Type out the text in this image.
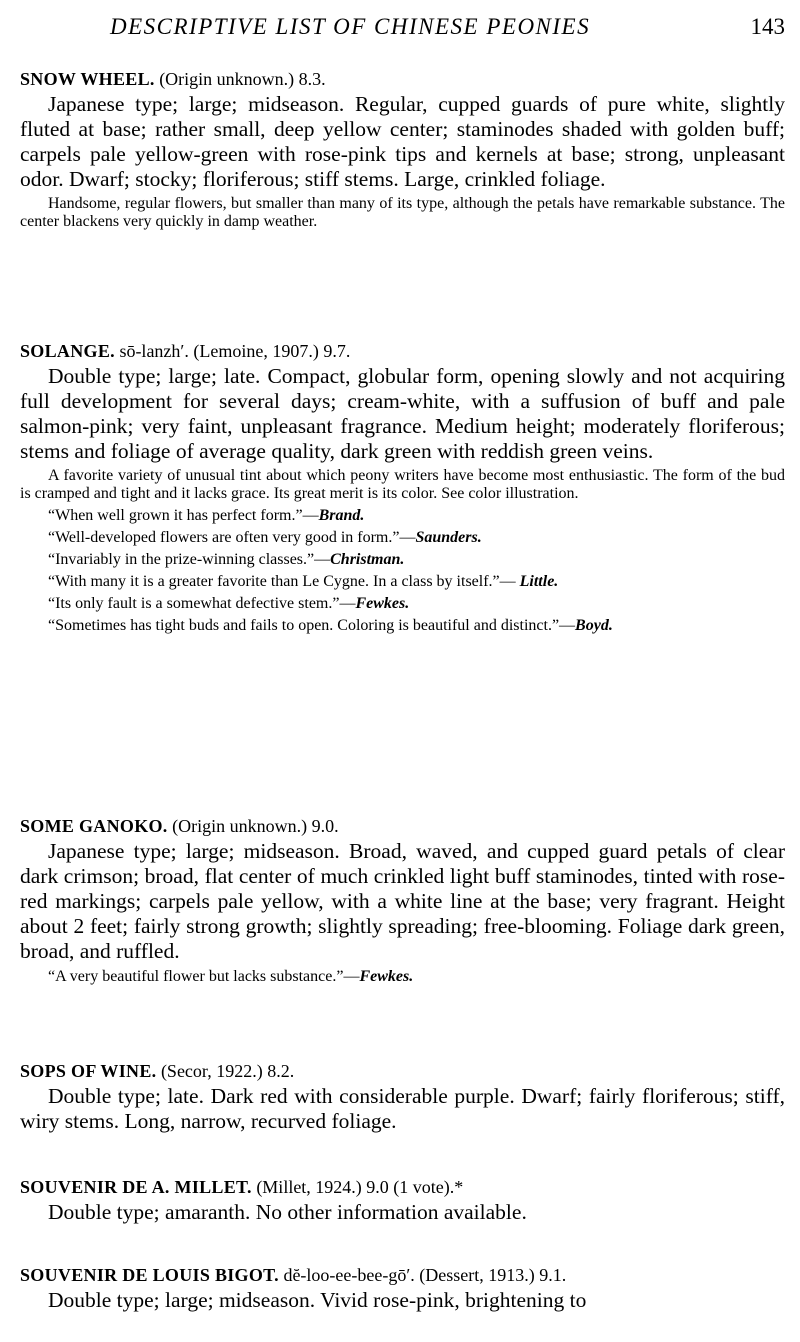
DESCRIPTIVE LIST OF CHINESE PEONIES	143

SNOW WHEEL. (Origin unknown.) 8.3.

Japanese type; large; midseason. Regular, cupped guards of pure white, slightly fluted at base; rather small, deep yellow center; staminodes shaded with golden buff; carpels pale yellow-green with rose-pink tips and kernels at base; strong, unpleasant odor. Dwarf; stocky; floriferous; stiff stems. Large, crinkled foliage.

Handsome, regular flowers, but smaller than many of its type, although the petals have remarkable substance. The center blackens very quickly in damp weather.

SOLANGE. sō-lanzh′. (Lemoine, 1907.) 9.7.

Double type; large; late. Compact, globular form, opening slowly and not acquiring full development for several days; cream-white, with a suffusion of buff and pale salmon-pink; very faint, unpleasant fragrance. Medium height; moderately floriferous; stems and foliage of average quality, dark green with reddish green veins.

A favorite variety of unusual tint about which peony writers have become most enthusiastic. The form of the bud is cramped and tight and it lacks grace. Its great merit is its color. See color illustration.

“When well grown it has perfect form.”—Brand.

“Well-developed flowers are often very good in form.”—Saunders.

“Invariably in the prize-winning classes.”—Christman.

“With many it is a greater favorite than Le Cygne. In a class by itself.”— Little.

“Its only fault is a somewhat defective stem.”—Fewkes.

“Sometimes has tight buds and fails to open. Coloring is beautiful and distinct.”—Boyd.

SOME GANOKO. (Origin unknown.) 9.0.

Japanese type; large; midseason. Broad, waved, and cupped guard petals of clear dark crimson; broad, flat center of much crinkled light buff staminodes, tinted with rose-red markings; carpels pale yellow, with a white line at the base; very fragrant. Height about 2 feet; fairly strong growth; slightly spreading; free-blooming. Foliage dark green, broad, and ruffled.

“A very beautiful flower but lacks substance.”—Fewkes.

SOPS OF WINE. (Secor, 1922.) 8.2.

Double type; late. Dark red with considerable purple. Dwarf; fairly floriferous; stiff, wiry stems. Long, narrow, recurved foliage.

SOUVENIR DE A. MILLET. (Millet, 1924.) 9.0 (1 vote).*

Double type; amaranth. No other information available.

SOUVENIR DE LOUIS BIGOT. dĕ-loo-ee-bee-gō′. (Dessert, 1913.) 9.1.

Double type; large; midseason. Vivid rose-pink, brightening to
